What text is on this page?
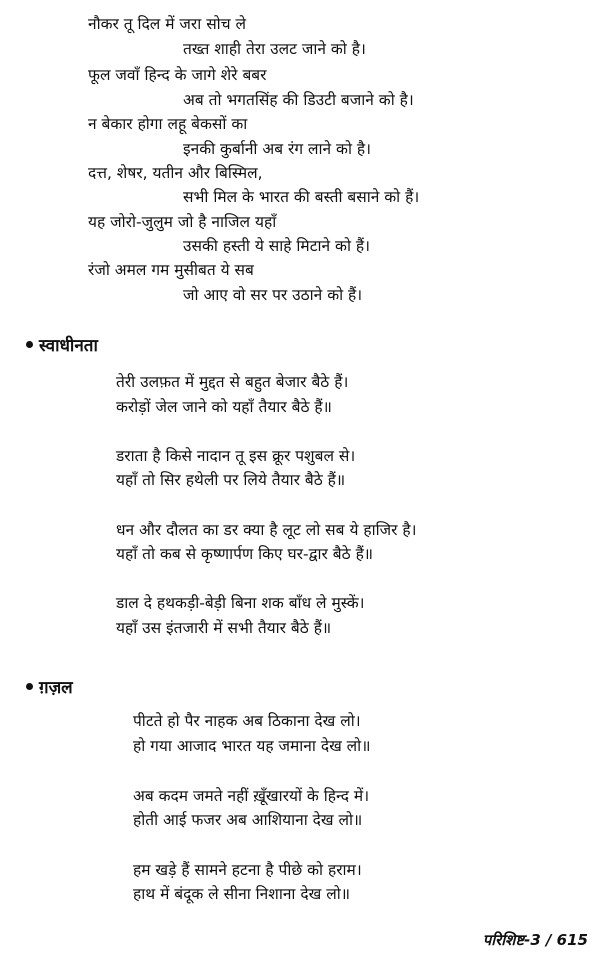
नौकर तू दिल में जरा सोच ले
तख्त शाही तेरा उलट जाने को है।
फूल जवाँ हिन्द के जागे शेरे बबर
अब तो भगतसिंह की डिउटी बजाने को है।
न बेकार होगा लहू बेकसों का
इनकी कुर्बानी अब रंग लाने को है।
दत्त, शेषर, यतीन और बिस्मिल,
सभी मिल के भारत की बस्ती बसाने को हैं।
यह जोरो-जुलुम जो है नाजिल यहाँ
उसकी हस्ती ये साहे मिटाने को हैं।
रंजो अमल गम मुसीबत ये सब
जो आए वो सर पर उठाने को हैं।
स्वाधीनता
तेरी उलफ़त में मुद्दत से बहुत बेजार बैठे हैं।
करोड़ों जेल जाने को यहाँ तैयार बैठे हैं॥
डराता है किसे नादान तू इस क्रूर पशुबल से।
यहाँ तो सिर हथेली पर लिये तैयार बैठे हैं॥
धन और दौलत का डर क्या है लूट लो सब ये हाजिर है।
यहाँ तो कब से कृष्णार्पण किए घर-द्वार बैठे हैं॥
डाल दे हथकड़ी-बेड़ी बिना शक बाँध ले मुस्कें।
यहाँ उस इंतजारी में सभी तैयार बैठे हैं॥
ग़ज़ल
पीटते हो पैर नाहक अब ठिकाना देख लो।
हो गया आजाद भारत यह जमाना देख लो॥
अब कदम जमते नहीं ख़ूँखारयों के हिन्द में।
होती आई फजर अब आशियाना देख लो॥
हम खड़े हैं सामने हटना है पीछे को हराम।
हाथ में बंदूक ले सीना निशाना देख लो॥
परिशिष्ट-3 / 615
